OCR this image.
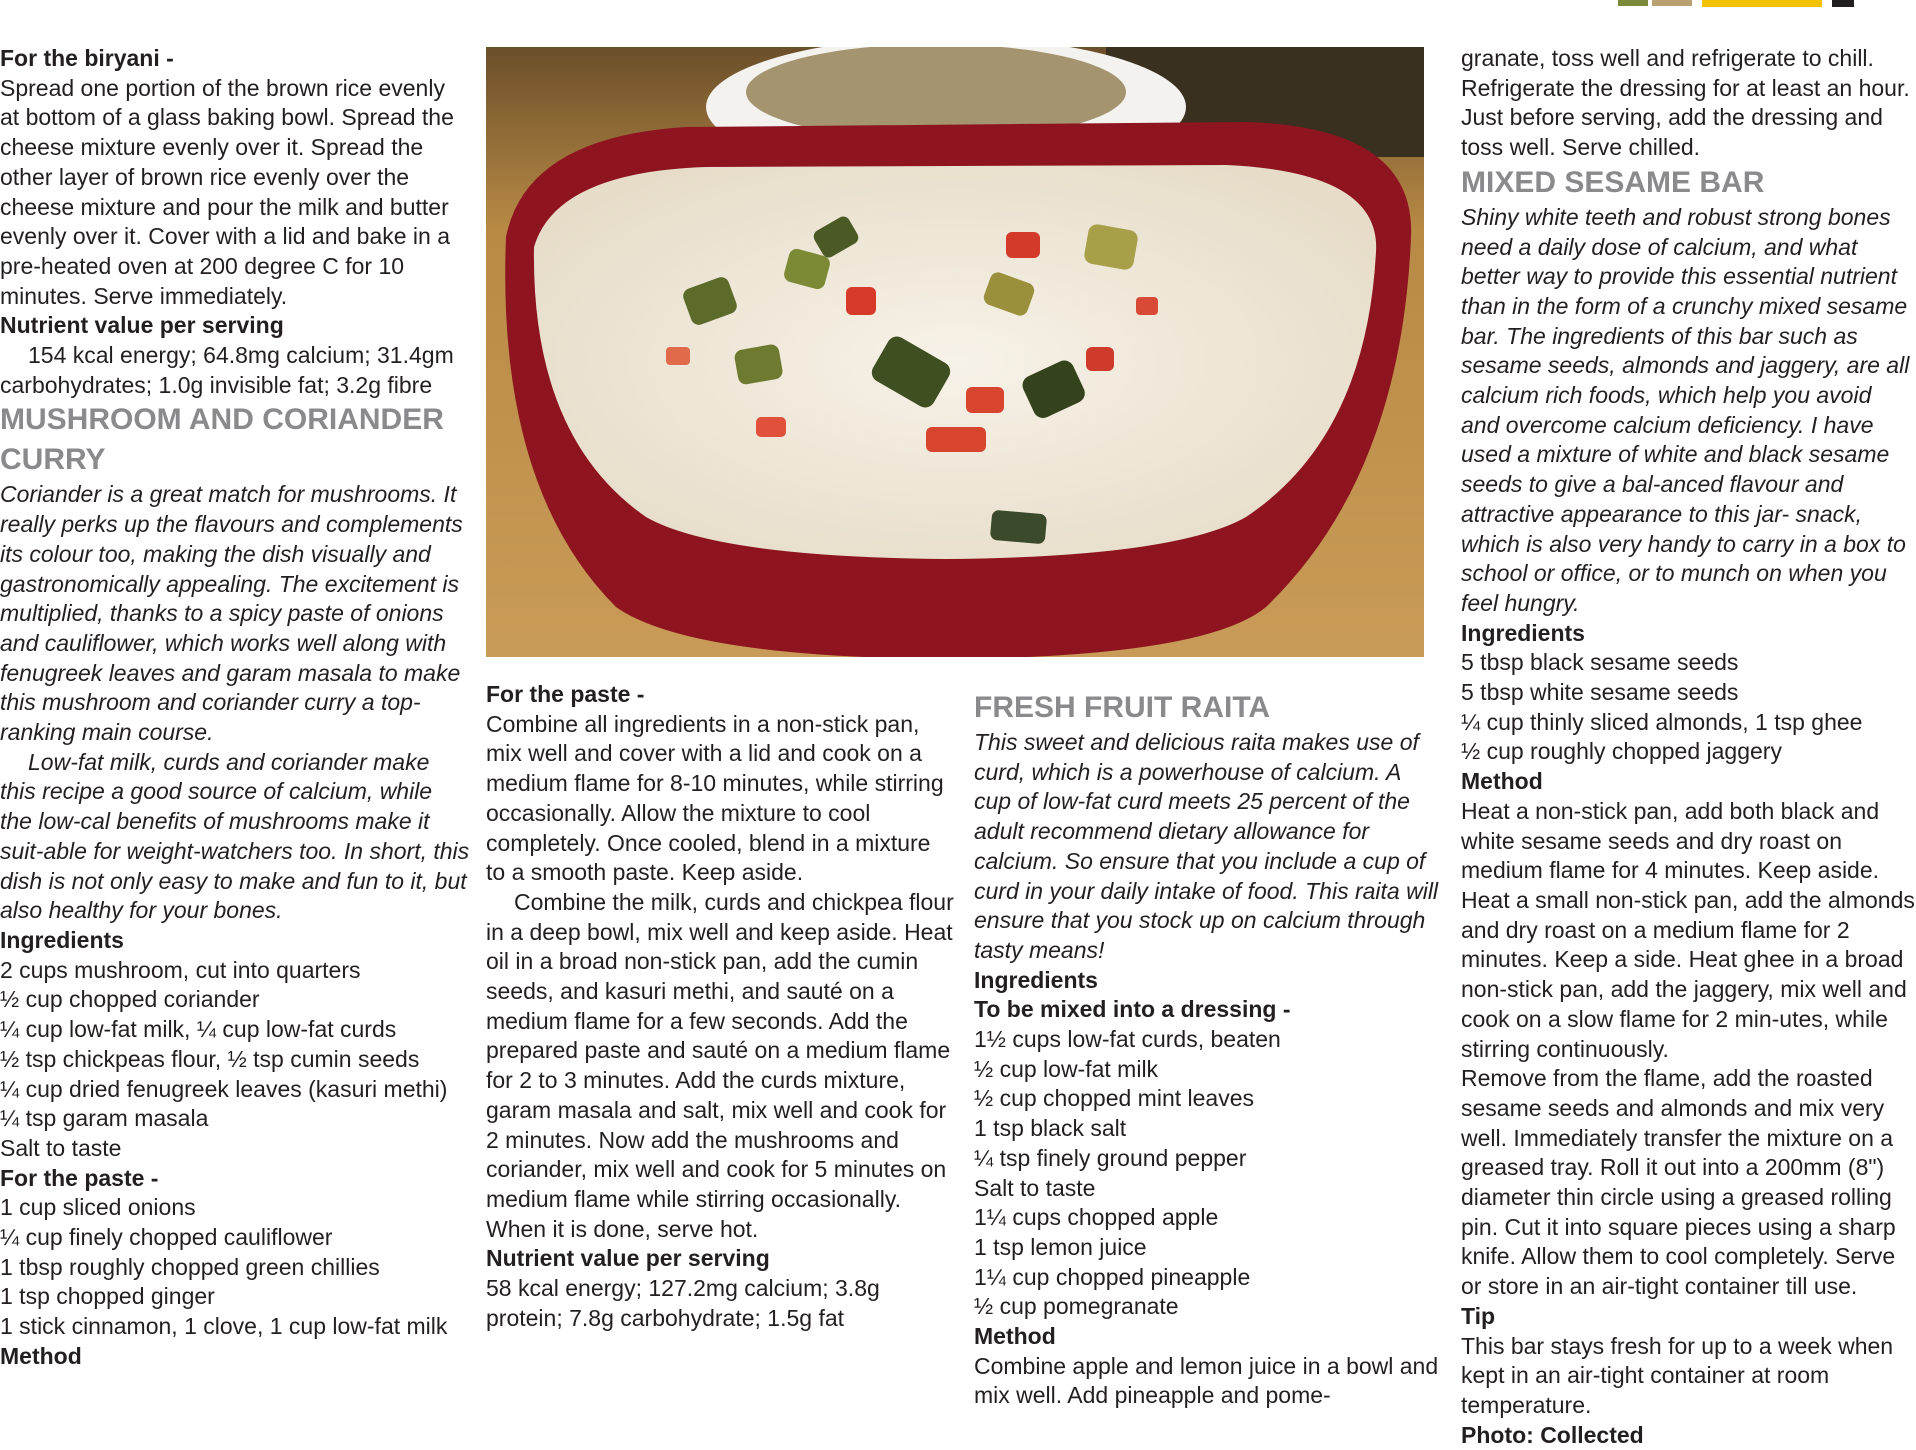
For the biryani -

Spread one portion of the brown rice evenly at bottom of a glass baking bowl. Spread the cheese mixture evenly over it. Spread the other layer of brown rice evenly over the cheese mixture and pour the milk and butter evenly over it. Cover with a lid and bake in a pre-heated oven at 200 degree C for 10 minutes. Serve immediately.

Nutrient value per serving

154 kcal energy; 64.8mg calcium; 31.4gm carbohydrates; 1.0g invisible fat; 3.2g fibre

MUSHROOM AND CORIANDER CURRY

Coriander is a great match for mushrooms. It really perks up the flavours and complements its colour too, making the dish visually and gastronomically appealing. The excitement is multiplied, thanks to a spicy paste of onions and cauliflower, which works well along with fenugreek leaves and garam masala to make this mushroom and coriander curry a top-ranking main course.

Low-fat milk, curds and coriander make this recipe a good source of calcium, while the low-cal benefits of mushrooms make it suit-able for weight-watchers too. In short, this dish is not only easy to make and fun to it, but also healthy for your bones.

Ingredients

2 cups mushroom, cut into quarters

½ cup chopped coriander

¼ cup low-fat milk, ¼ cup low-fat curds

½ tsp chickpeas flour, ½ tsp cumin seeds

¼ cup dried fenugreek leaves (kasuri methi)

¼ tsp garam masala

Salt to taste

For the paste -

1 cup sliced onions

¼ cup finely chopped cauliflower

1 tbsp roughly chopped green chillies

1 tsp chopped ginger

1 stick cinnamon, 1 clove, 1 cup low-fat milk

Method

For the paste -

Combine all ingredients in a non-stick pan, mix well and cover with a lid and cook on a medium flame for 8-10 minutes, while stirring occasionally. Allow the mixture to cool completely. Once cooled, blend in a mixture to a smooth paste. Keep aside.

Combine the milk, curds and chickpea flour in a deep bowl, mix well and keep aside. Heat oil in a broad non-stick pan, add the cumin seeds, and kasuri methi, and sauté on a medium flame for a few seconds. Add the prepared paste and sauté on a medium flame for 2 to 3 minutes. Add the curds mixture, garam masala and salt, mix well and cook for 2 minutes. Now add the mushrooms and coriander, mix well and cook for 5 minutes on medium flame while stirring occasionally. When it is done, serve hot.

Nutrient value per serving

58 kcal energy; 127.2mg calcium; 3.8g protein; 7.8g carbohydrate; 1.5g fat

FRESH FRUIT RAITA

This sweet and delicious raita makes use of curd, which is a powerhouse of calcium. A cup of low-fat curd meets 25 percent of the adult recommend dietary allowance for calcium. So ensure that you include a cup of curd in your daily intake of food. This raita will ensure that you stock up on calcium through tasty means!

Ingredients

To be mixed into a dressing -

1½ cups low-fat curds, beaten

½ cup low-fat milk

½ cup chopped mint leaves

1 tsp black salt

¼ tsp finely ground pepper

Salt to taste

1¼ cups chopped apple

1 tsp lemon juice

1¼ cup chopped pineapple

½ cup pomegranate

Method

Combine apple and lemon juice in a bowl and mix well. Add pineapple and pome-

granate, toss well and refrigerate to chill. Refrigerate the dressing for at least an hour. Just before serving, add the dressing and toss well. Serve chilled.

MIXED SESAME BAR

Shiny white teeth and robust strong bones need a daily dose of calcium, and what better way to provide this essential nutrient than in the form of a crunchy mixed sesame bar. The ingredients of this bar such as sesame seeds, almonds and jaggery, are all calcium rich foods, which help you avoid and overcome calcium deficiency. I have used a mixture of white and black sesame seeds to give a bal-anced flavour and attractive appearance to this jar- snack, which is also very handy to carry in a box to school or office, or to munch on when you feel hungry.

Ingredients

5 tbsp black sesame seeds

5 tbsp white sesame seeds

¼ cup thinly sliced almonds, 1 tsp ghee

½ cup roughly chopped jaggery

Method

Heat a non-stick pan, add both black and white sesame seeds and dry roast on medium flame for 4 minutes. Keep aside. Heat a small non-stick pan, add the almonds and dry roast on a medium flame for 2 minutes. Keep a side. Heat ghee in a broad non-stick pan, add the jaggery, mix well and cook on a slow flame for 2 min-utes, while stirring continuously.

Remove from the flame, add the roasted sesame seeds and almonds and mix very well. Immediately transfer the mixture on a greased tray. Roll it out into a 200mm (8") diameter thin circle using a greased rolling pin. Cut it into square pieces using a sharp knife. Allow them to cool completely. Serve or store in an air-tight container till use.

Tip

This bar stays fresh for up to a week when kept in an air-tight container at room temperature.

Photo: Collected
